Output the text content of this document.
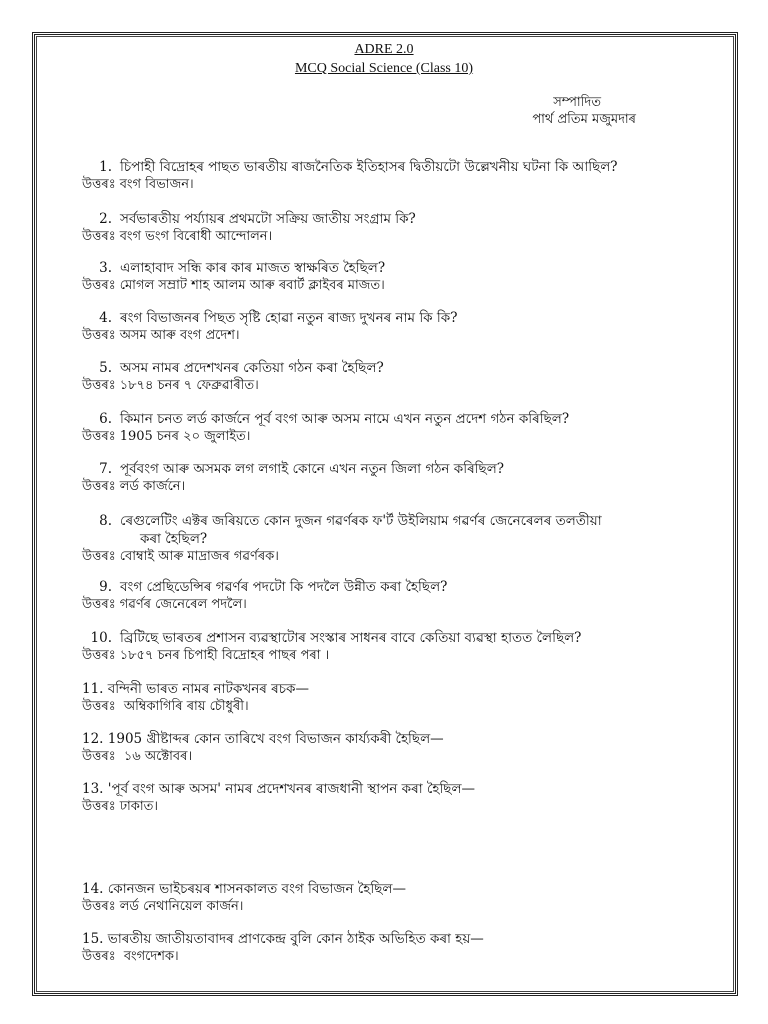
ADRE 2.0
MCQ Social Science (Class 10)
সম্পাদিত
পাৰ্থ প্ৰতিম মজুমদাৰ
1. চিপাহী বিদ্ৰোহৰ পাছত ভাৰতীয় ৰাজনৈতিক ইতিহাসৰ দ্বিতীয়টো উল্লেখনীয় ঘটনা কি আছিল?
উত্তৰঃ বংগ বিভাজন।
2. সৰ্বভাৰতীয় পৰ্য্যায়ৰ প্ৰথমটো সক্ৰিয় জাতীয় সংগ্ৰাম কি?
উত্তৰঃ বংগ ভংগ বিৰোধী আন্দোলন।
3. এলাহাবাদ সন্ধি কাৰ কাৰ মাজত স্বাক্ষৰিত হৈছিল?
উত্তৰঃ মোগল সম্ৰাট শাহ আলম আৰু ৰবাৰ্ট ক্লাইবৰ মাজত।
4. ৰংগ বিভাজনৰ পিছত সৃষ্টি হোৱা নতুন ৰাজ্য দুখনৰ নাম কি কি?
উত্তৰঃ অসম আৰু বংগ প্ৰদেশ।
5. অসম নামৰ প্ৰদেশখনৰ কেতিয়া গঠন কৰা হৈছিল?
উত্তৰঃ ১৮৭৪ চনৰ ৭ ফেব্ৰুৱাৰীত।
6. কিমান চনত লৰ্ড কাৰ্জনে পূৰ্ব বংগ আৰু অসম নামে এখন নতুন প্ৰদেশ গঠন কৰিছিল?
উত্তৰঃ 1905 চনৰ ২০ জুলাইত।
7. পূৰ্ববংগ আৰু অসমক লগ লগাই কোনে এখন নতুন জিলা গঠন কৰিছিল?
উত্তৰঃ লৰ্ড কাৰ্জনে।
8. ৰেগুলেটিং এক্টৰ জৰিয়তে কোন দুজন গৱৰ্ণৰক ফ'ৰ্ট উইলিয়াম গৱৰ্ণৰ জেনেৰেলৰ তলতীয়া
কৰা হৈছিল?
উত্তৰঃ বোম্বাই আৰু মাদ্ৰাজৰ গৱৰ্ণৰক।
9. বংগ প্ৰেছিডেন্সিৰ গৱৰ্ণৰ পদটো কি পদলৈ উন্নীত কৰা হৈছিল?
উত্তৰঃ গৱৰ্ণৰ জেনেৰেল পদলৈ।
10. ব্ৰিটিছে ভাৰতৰ প্ৰশাসন ব্যৱস্থাটোৰ সংস্কাৰ সাধনৰ বাবে কেতিয়া ব্যৱস্থা হাতত লৈছিল?
উত্তৰঃ ১৮৫৭ চনৰ চিপাহী বিদ্ৰোহৰ পাছৰ পৰা ।
11. বন্দিনী ভাৰত নামৰ নাটকখনৰ ৰচক—
উত্তৰঃ অম্বিকাগিৰি ৰায় চৌধুৰী।
12. 1905 খ্ৰীষ্টাব্দৰ কোন তাৰিখে বংগ বিভাজন কাৰ্য্যকৰী হৈছিল—
উত্তৰঃ ১৬ অক্টোবৰ।
13. 'পূৰ্ব বংগ আৰু অসম' নামৰ প্ৰদেশখনৰ ৰাজধানী স্থাপন কৰা হৈছিল—
উত্তৰঃ ঢাকাত।
14. কোনজন ভাইচৰয়ৰ শাসনকালত বংগ বিভাজন হৈছিল—
উত্তৰঃ লৰ্ড নেথানিয়েল কাৰ্জন।
15. ভাৰতীয় জাতীয়তাবাদৰ প্ৰাণকেন্দ্ৰ বুলি কোন ঠাইক অভিহিত কৰা হয়—
উত্তৰঃ বংগদেশক।
